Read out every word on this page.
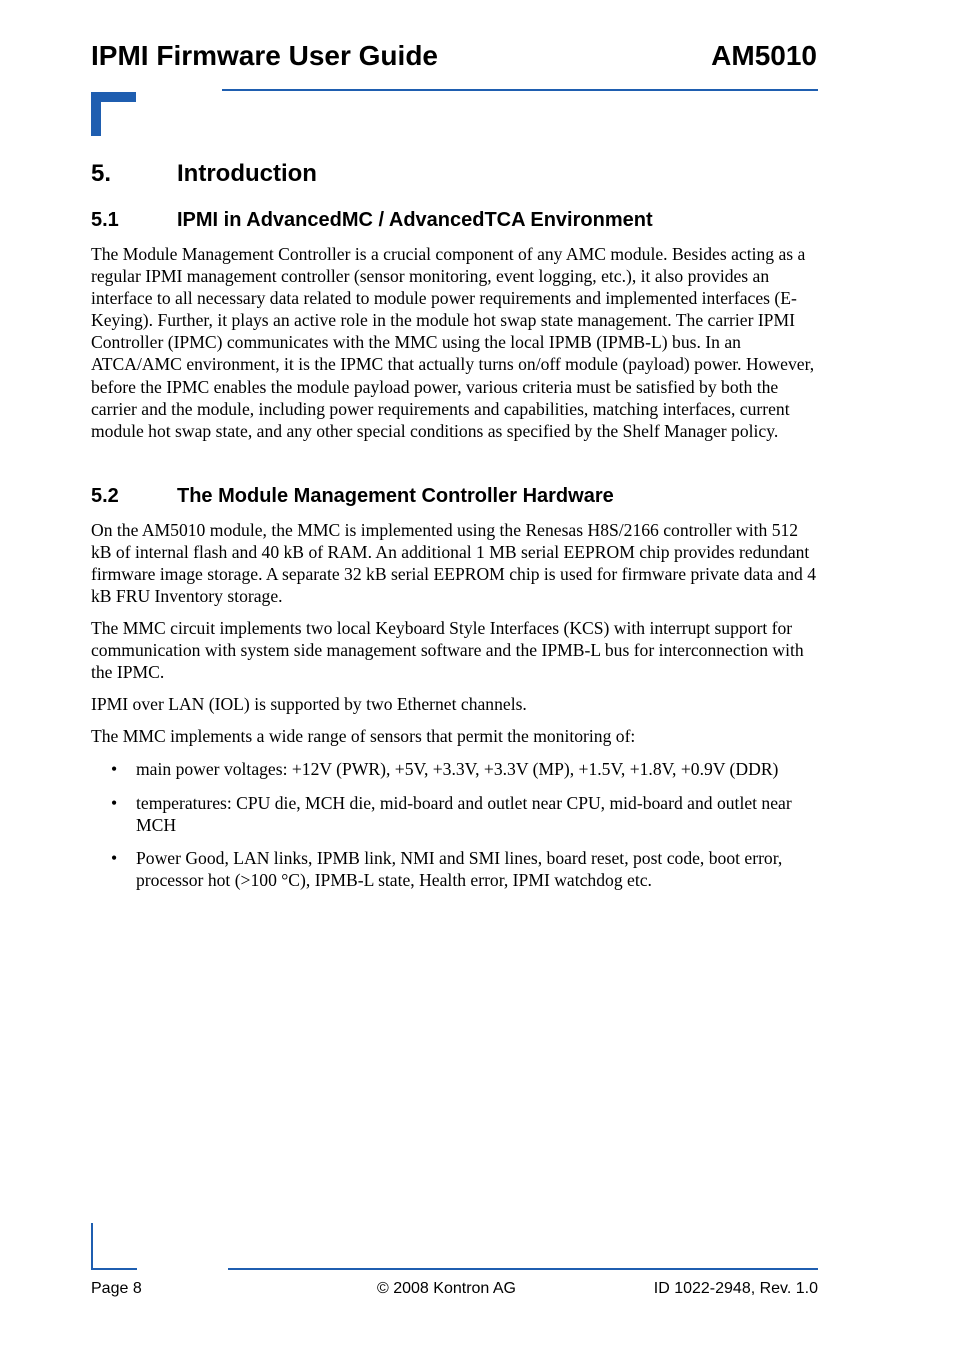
IPMI Firmware User Guide	AM5010
5.	Introduction
5.1	IPMI in AdvancedMC / AdvancedTCA Environment

The Module Management Controller is a crucial component of any AMC module. Besides acting as a regular IPMI management controller (sensor monitoring, event logging, etc.), it also provides an interface to all necessary data related to module power requirements and implemented interfaces (E-Keying). Further, it plays an active role in the module hot swap state management. The carrier IPMI Controller (IPMC) communicates with the MMC using the local IPMB (IPMB-L) bus. In an ATCA/AMC environment, it is the IPMC that actually turns on/off module (payload) power. However, before the IPMC enables the module payload power, various criteria must be satisfied by both the carrier and the module, including power requirements and capabilities, matching interfaces, current module hot swap state, and any other special conditions as specified by the Shelf Manager policy.

5.2	The Module Management Controller Hardware

On the AM5010 module, the MMC is implemented using the Renesas H8S/2166 controller with 512 kB of internal flash and 40 kB of RAM. An additional 1 MB serial EEPROM chip provides redundant firmware image storage. A separate 32 kB serial EEPROM chip is used for firmware private data and 4 kB FRU Inventory storage.

The MMC circuit implements two local Keyboard Style Interfaces (KCS) with interrupt support for communication with system side management software and the IPMB-L bus for interconnection with the IPMC.

IPMI over LAN (IOL) is supported by two Ethernet channels.

The MMC implements a wide range of sensors that permit the monitoring of:

• main power voltages: +12V (PWR), +5V, +3.3V, +3.3V (MP), +1.5V, +1.8V, +0.9V (DDR)
• temperatures: CPU die, MCH die, mid-board and outlet near CPU, mid-board and outlet near MCH
• Power Good, LAN links, IPMB link, NMI and SMI lines, board reset, post code, boot error, processor hot (>100 °C), IPMB-L state, Health error, IPMI watchdog etc.
Page 8	© 2008 Kontron AG	ID 1022-2948, Rev. 1.0
